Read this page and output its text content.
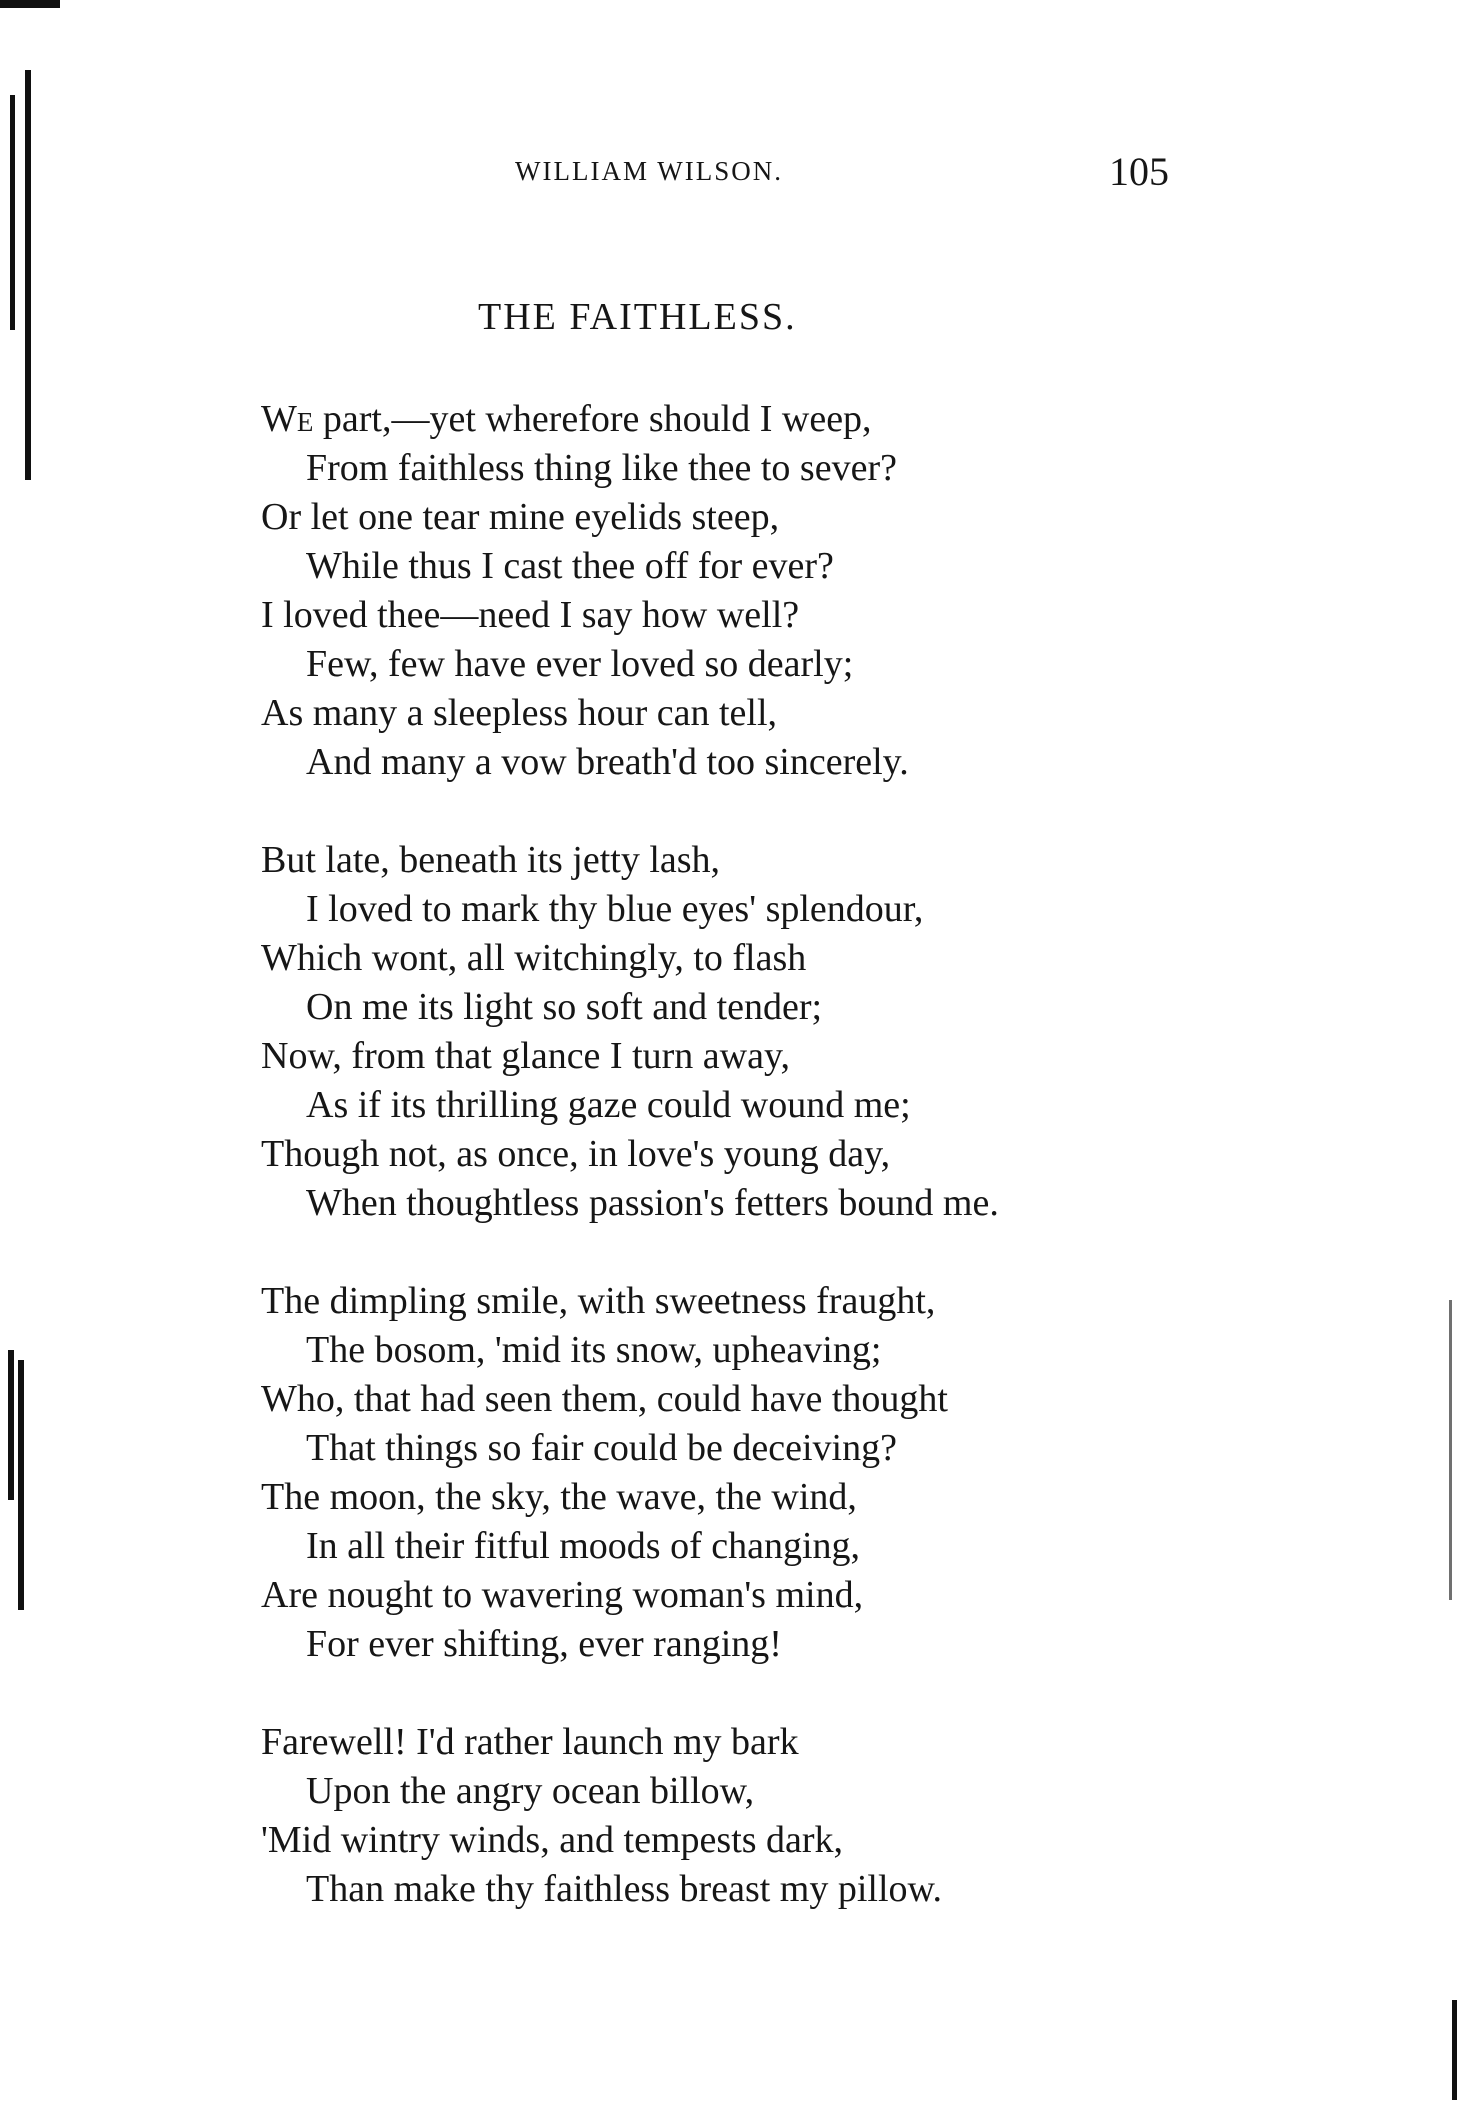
WILLIAM WILSON.	105
THE FAITHLESS.
We part,—yet wherefore should I weep,
From faithless thing like thee to sever?
Or let one tear mine eyelids steep,
While thus I cast thee off for ever?
I loved thee—need I say how well?
Few, few have ever loved so dearly;
As many a sleepless hour can tell,
And many a vow breath'd too sincerely.
But late, beneath its jetty lash,
I loved to mark thy blue eyes' splendour,
Which wont, all witchingly, to flash
On me its light so soft and tender;
Now, from that glance I turn away,
As if its thrilling gaze could wound me;
Though not, as once, in love's young day,
When thoughtless passion's fetters bound me.
The dimpling smile, with sweetness fraught,
The bosom, 'mid its snow, upheaving;
Who, that had seen them, could have thought
That things so fair could be deceiving?
The moon, the sky, the wave, the wind,
In all their fitful moods of changing,
Are nought to wavering woman's mind,
For ever shifting, ever ranging!
Farewell! I'd rather launch my bark
Upon the angry ocean billow,
'Mid wintry winds, and tempests dark,
Than make thy faithless breast my pillow.
